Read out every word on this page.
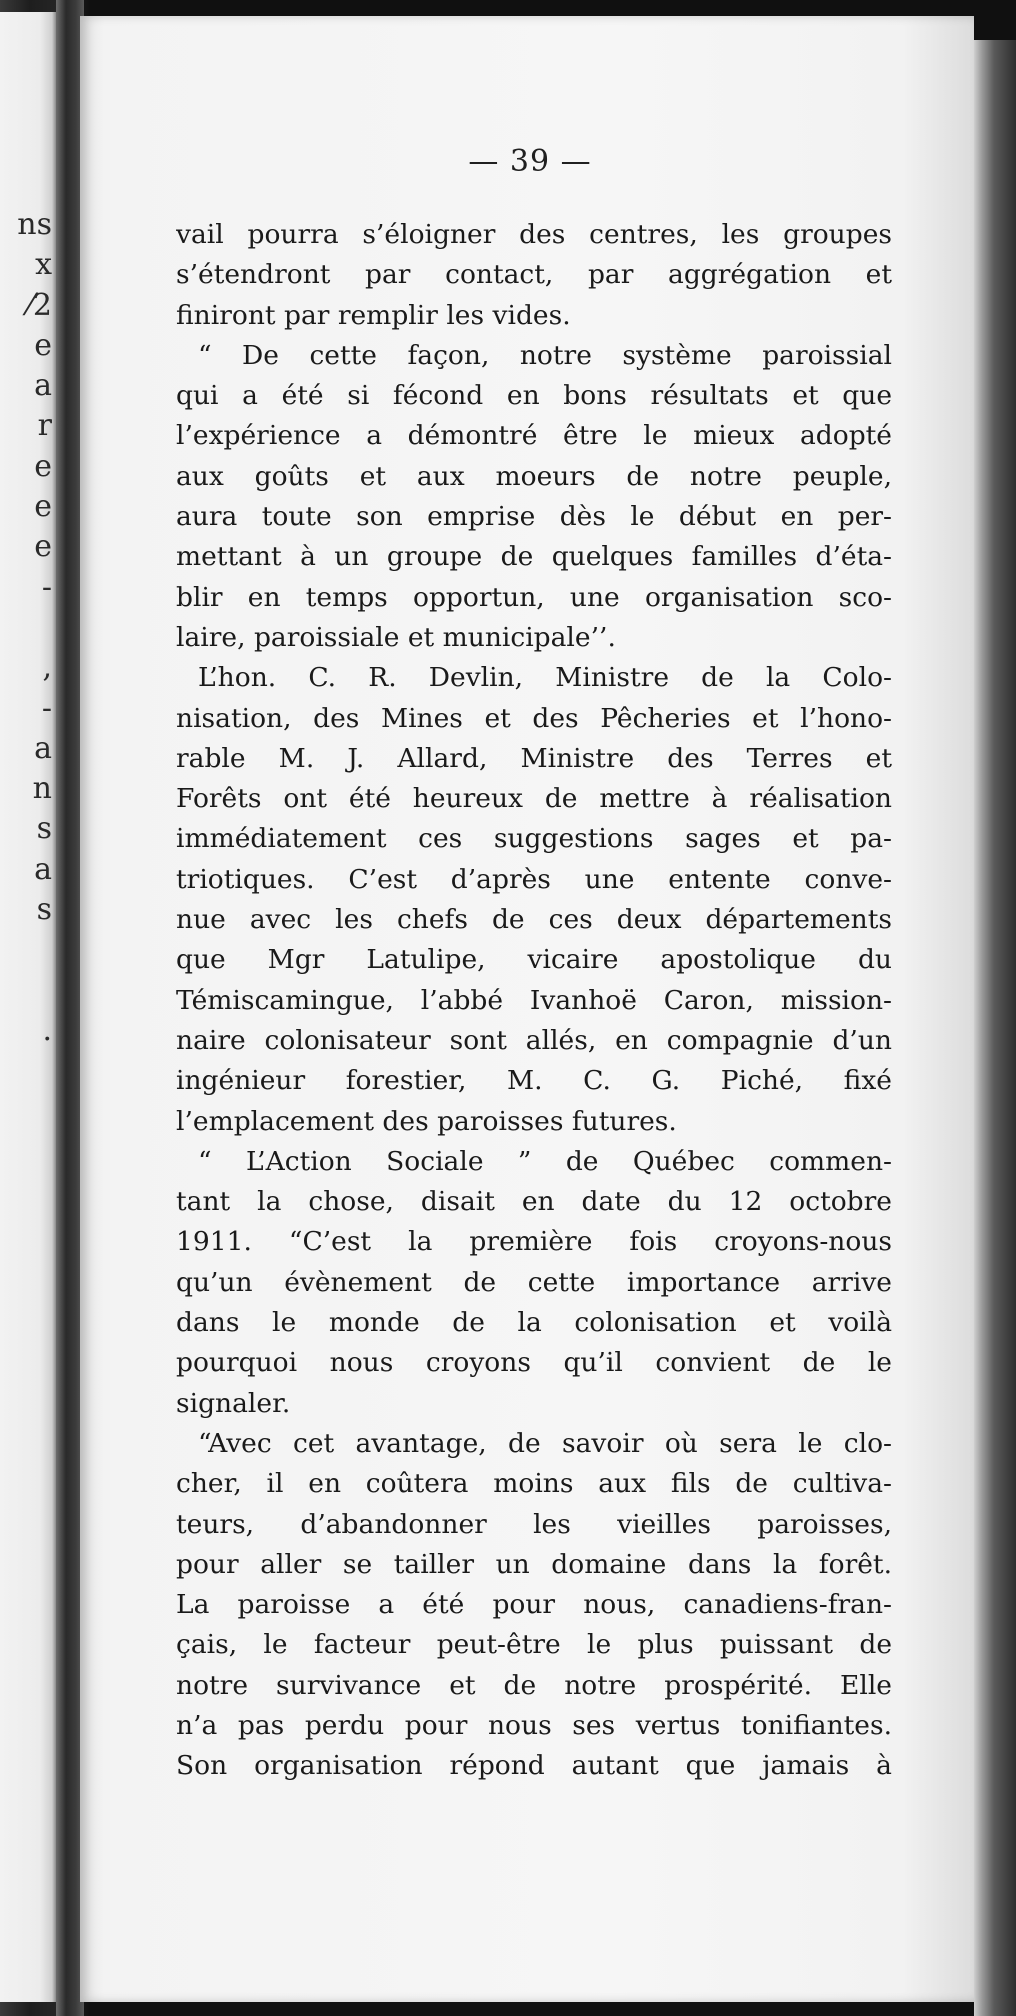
ns
x
⁄2
e
a
r
e
e
e
-
,
-
a
n
s
a
s
.
— 39 —
vail pourra s’éloigner des centres, les groupes
s’étendront par contact, par aggrégation et
finiront par remplir les vides.
“ De cette façon, notre système paroissial
qui a été si fécond en bons résultats et que
l’expérience a démontré être le mieux adopté
aux goûts et aux moeurs de notre peuple,
aura toute son emprise dès le début en per-
mettant à un groupe de quelques familles d’éta-
blir en temps opportun, une organisation sco-
laire, paroissiale et municipale’’.
L’hon. C. R. Devlin, Ministre de la Colo-
nisation, des Mines et des Pêcheries et l’hono-
rable M. J. Allard, Ministre des Terres et
Forêts ont été heureux de mettre à réalisation
immédiatement ces suggestions sages et pa-
triotiques. C’est d’après une entente conve-
nue avec les chefs de ces deux départements
que Mgr Latulipe, vicaire apostolique du
Témiscamingue, l’abbé Ivanhoë Caron, mission-
naire colonisateur sont allés, en compagnie d’un
ingénieur forestier, M. C. G. Piché, fixé
l’emplacement des paroisses futures.
“ L’Action Sociale ” de Québec commen-
tant la chose, disait en date du 12 octobre
1911. “C’est la première fois croyons-nous
qu’un évènement de cette importance arrive
dans le monde de la colonisation et voilà
pourquoi nous croyons qu’il convient de le
signaler.
“Avec cet avantage, de savoir où sera le clo-
cher, il en coûtera moins aux fils de cultiva-
teurs, d’abandonner les vieilles paroisses,
pour aller se tailler un domaine dans la forêt.
La paroisse a été pour nous, canadiens-fran-
çais, le facteur peut-être le plus puissant de
notre survivance et de notre prospérité. Elle
n’a pas perdu pour nous ses vertus tonifiantes.
Son organisation répond autant que jamais à
